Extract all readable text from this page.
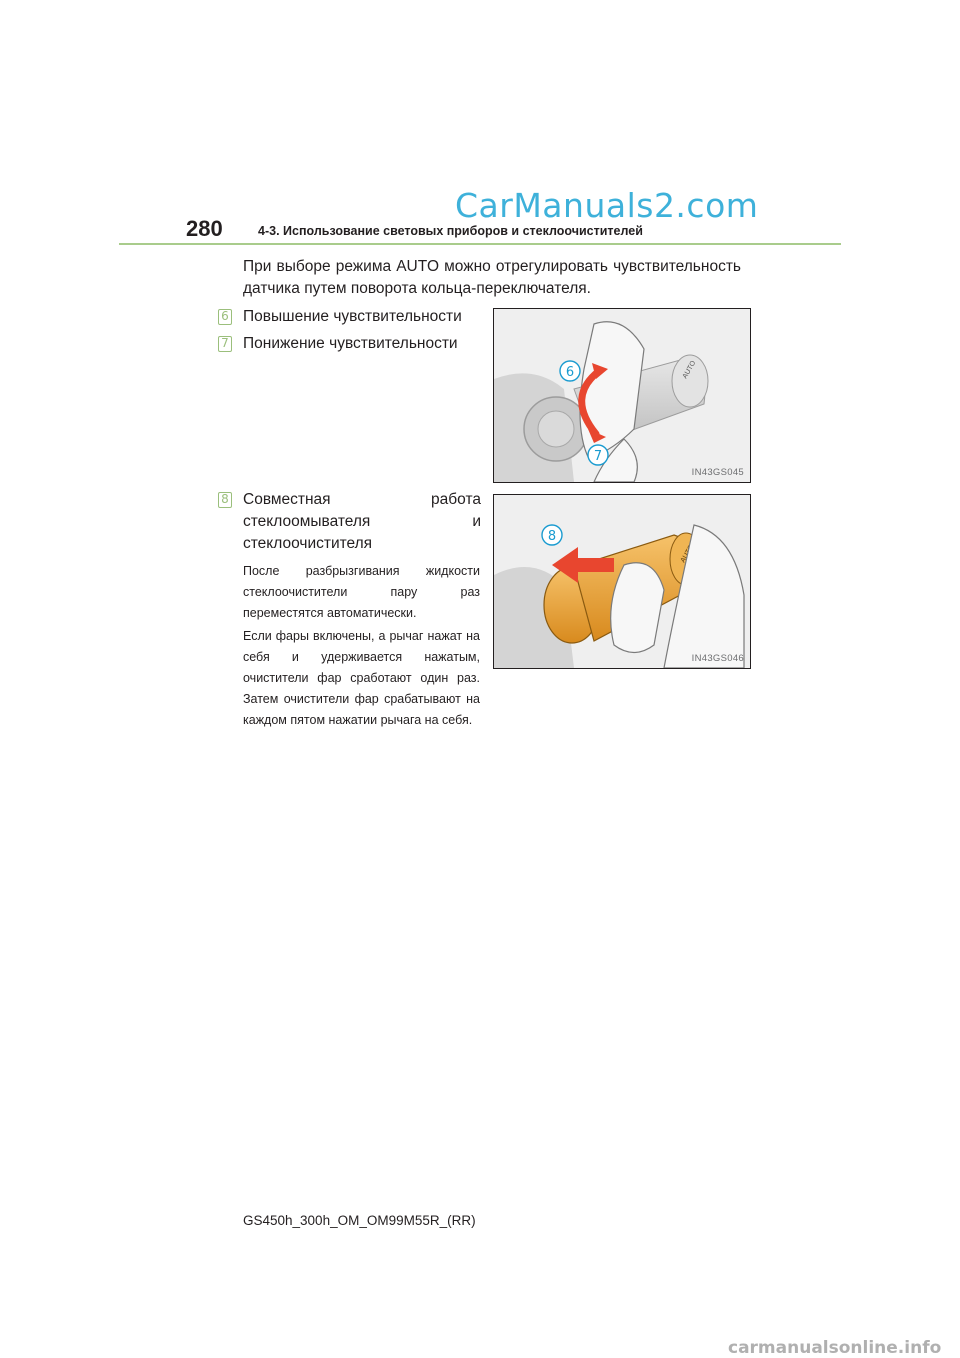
CarManuals2.com
280	4-3. Использование световых приборов и стеклоочистителей
При выборе режима AUTO можно отрегулировать чувствительность датчика путем поворота кольца-переключателя.
6 Повышение чувствительности
7 Понижение чувствительности
8 Совместная работа стеклоомывателя и стеклоочистителя
После разбрызгивания жидкости стеклоочистители пару раз переместятся автоматически.
Если фары включены, а рычаг нажат на себя и удерживается нажатым, очистители фар сработают один раз. Затем очистители фар срабатывают на каждом пятом нажатии рычага на себя.
AUTO
6
7
IN43GS045
8
IN43GS046
GS450h_300h_OM_OM99M55R_(RR)
carmanualsonline.info
